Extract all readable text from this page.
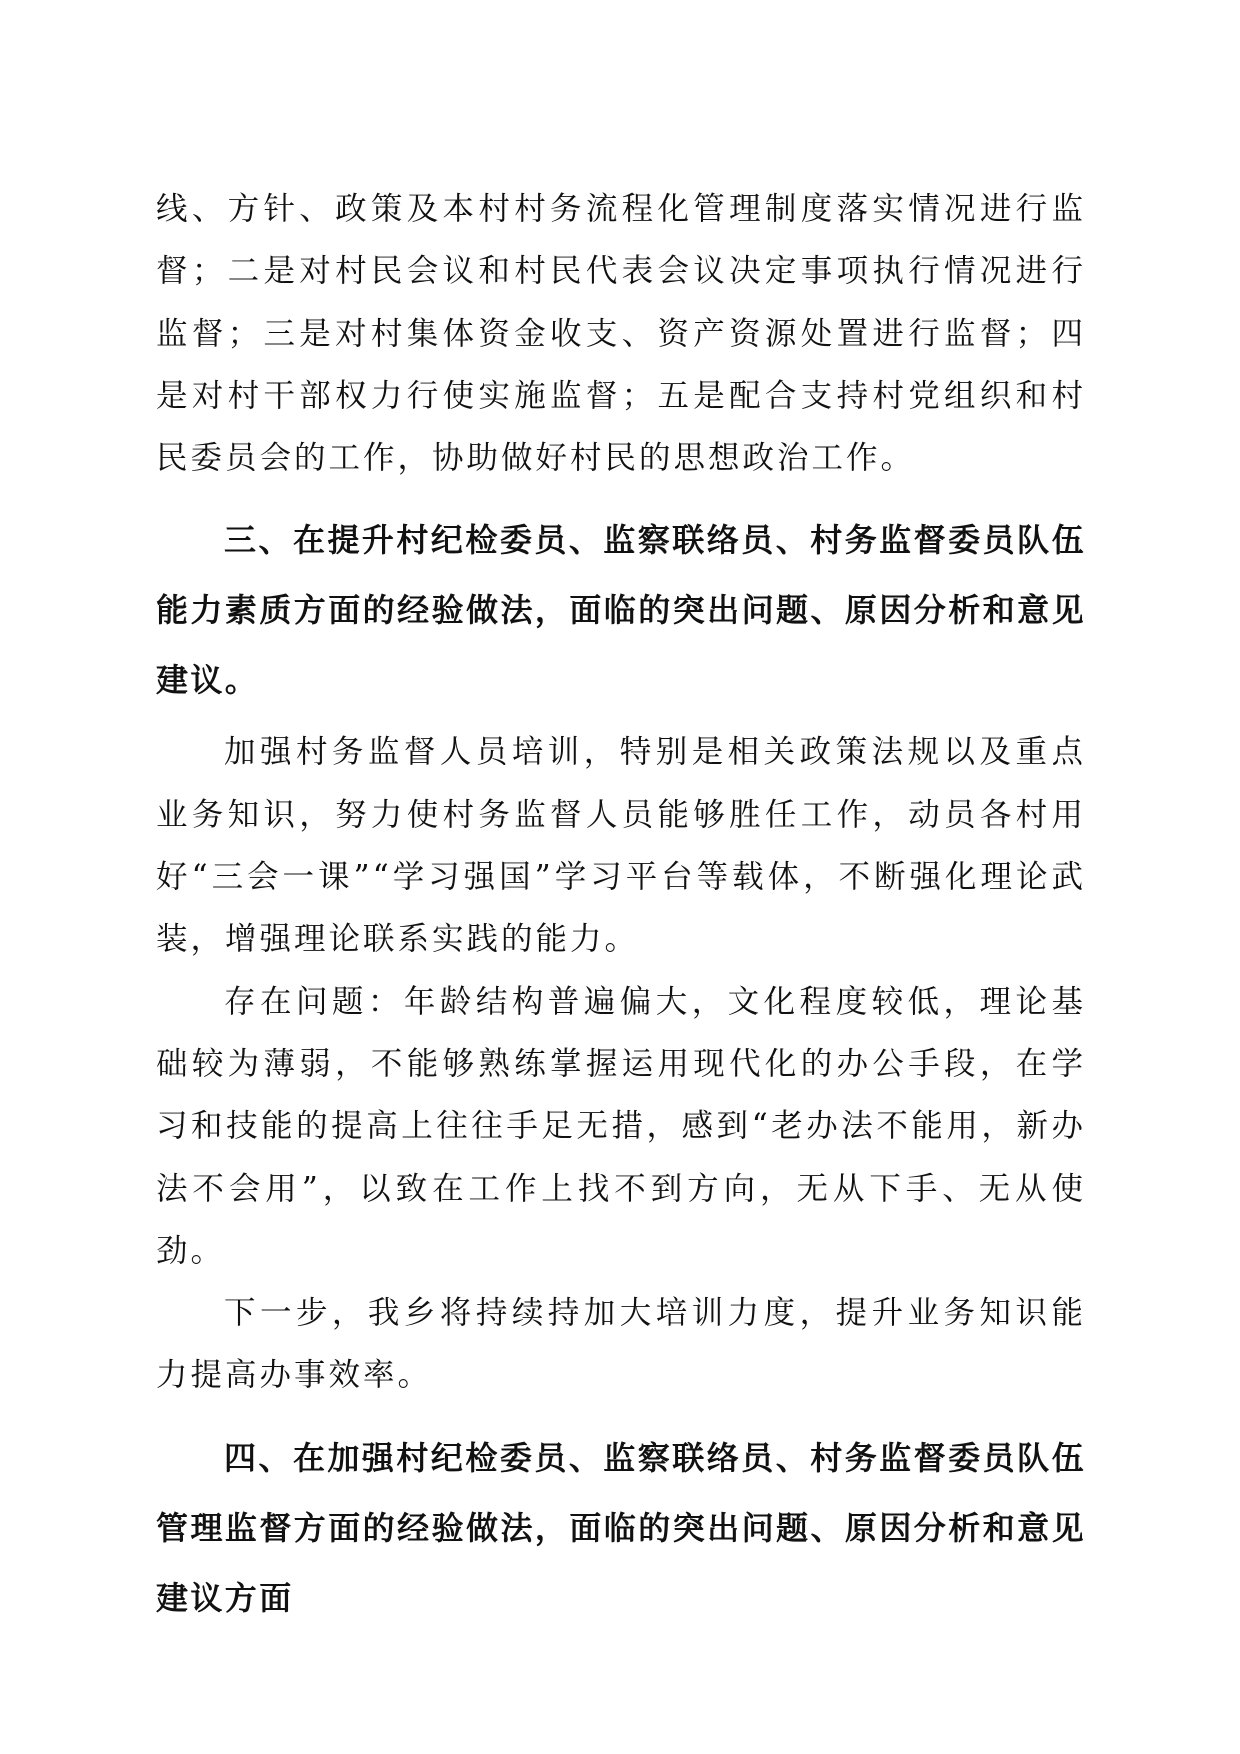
线、方针、政策及本村村务流程化管理制度落实情况进行监督；二是对村民会议和村民代表会议决定事项执行情况进行监督；三是对村集体资金收支、资产资源处置进行监督；四是对村干部权力行使实施监督；五是配合支持村党组织和村民委员会的工作，协助做好村民的思想政治工作。

三、在提升村纪检委员、监察联络员、村务监督委员队伍能力素质方面的经验做法，面临的突出问题、原因分析和意见建议。

加强村务监督人员培训，特别是相关政策法规以及重点业务知识，努力使村务监督人员能够胜任工作，动员各村用好“三会一课”“学习强国”学习平台等载体，不断强化理论武装，增强理论联系实践的能力。

存在问题：年龄结构普遍偏大，文化程度较低，理论基础较为薄弱，不能够熟练掌握运用现代化的办公手段，在学习和技能的提高上往往手足无措，感到“老办法不能用，新办法不会用”，以致在工作上找不到方向，无从下手、无从使劲。

下一步，我乡将持续持加大培训力度，提升业务知识能力提高办事效率。

四、在加强村纪检委员、监察联络员、村务监督委员队伍管理监督方面的经验做法，面临的突出问题、原因分析和意见建议方面
